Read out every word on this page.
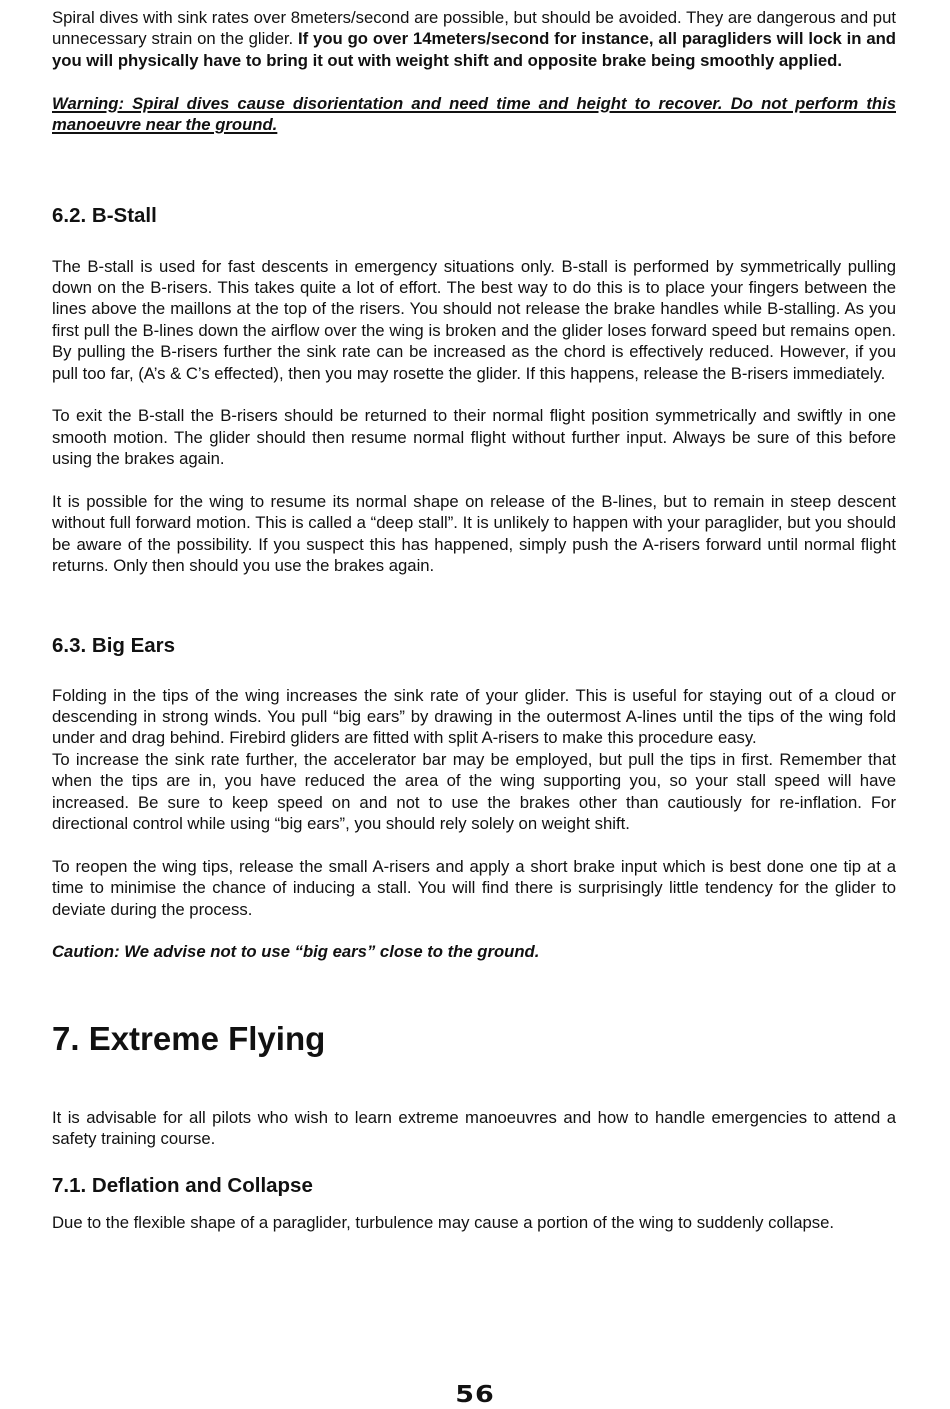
Spiral dives with sink rates over 8meters/second are possible, but should be avoided. They are dangerous and put unnecessary strain on the glider. If you go over 14meters/second for instance, all paragliders will lock in and you will physically have to bring it out with weight shift and opposite brake being smoothly applied.

Warning: Spiral dives cause disorientation and need time and height to recover. Do not perform this manoeuvre near the ground.

6.2. B-Stall

The B-stall is used for fast descents in emergency situations only. B-stall is performed by symmetrically pulling down on the B-risers. This takes quite a lot of effort. The best way to do this is to place your fingers between the lines above the maillons at the top of the risers. You should not release the brake handles while B-stalling. As you first pull the B-lines down the airflow over the wing is broken and the glider loses forward speed but remains open. By pulling the B-risers further the sink rate can be increased as the chord is effectively reduced. However, if you pull too far, (A’s & C’s effected), then you may rosette the glider. If this happens, release the B-risers immediately.

To exit the B-stall the B-risers should be returned to their normal flight position symmetrically and swiftly in one smooth motion. The glider should then resume normal flight without further input. Always be sure of this before using the brakes again.

It is possible for the wing to resume its normal shape on release of the B-lines, but to remain in steep descent without full forward motion. This is called a “deep stall”. It is unlikely to happen with your paraglider, but you should be aware of the possibility. If you suspect this has happened, simply push the A-risers forward until normal flight returns. Only then should you use the brakes again.

6.3. Big Ears

Folding in the tips of the wing increases the sink rate of your glider. This is useful for staying out of a cloud or descending in strong winds. You pull “big ears” by drawing in the outermost A-lines until the tips of the wing fold under and drag behind. Firebird gliders are fitted with split A-risers to make this procedure easy.

To increase the sink rate further, the accelerator bar may be employed, but pull the tips in first. Remember that when the tips are in, you have reduced the area of the wing supporting you, so your stall speed will have increased. Be sure to keep speed on and not to use the brakes other than cautiously for re-inflation. For directional control while using “big ears”, you should rely solely on weight shift.

To reopen the wing tips, release the small A-risers and apply a short brake input which is best done one tip at a time to minimise the chance of inducing a stall. You will find there is surprisingly little tendency for the glider to deviate during the process.

Caution: We advise not to use “big ears” close to the ground.

7. Extreme Flying

It is advisable for all pilots who wish to learn extreme manoeuvres and how to handle emergencies to attend a safety training course.

7.1. Deflation and Collapse

Due to the flexible shape of a paraglider, turbulence may cause a portion of the wing to suddenly collapse.

56
